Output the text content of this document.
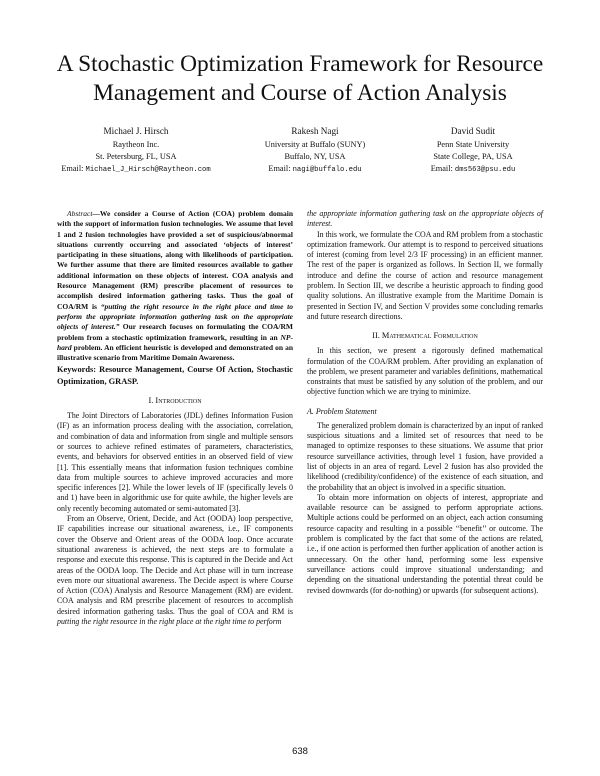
A Stochastic Optimization Framework for Resource Management and Course of Action Analysis
Michael J. Hirsch
Raytheon Inc.
St. Petersburg, FL, USA
Email: Michael_J_Hirsch@Raytheon.com
Rakesh Nagi
University at Buffalo (SUNY)
Buffalo, NY, USA
Email: nagi@buffalo.edu
David Sudit
Penn State University
State College, PA, USA
Email: dms563@psu.edu

Abstract—We consider a Course of Action (COA) problem domain with the support of information fusion technologies. We assume that level 1 and 2 fusion technologies have provided a set of suspicious/abnormal situations currently occurring and associated ‘objects of interest’ participating in these situations, along with likelihoods of participation. We further assume that there are limited resources available to gather additional information on these objects of interest. COA analysis and Resource Management (RM) prescribe placement of resources to accomplish desired information gathering tasks. Thus the goal of COA/RM is “putting the right resource in the right place and time to perform the appropriate information gathering task on the appropriate objects of interest.” Our research focuses on formulating the COA/RM problem from a stochastic optimization framework, resulting in an NP-hard problem. An efficient heuristic is developed and demonstrated on an illustrative scenario from Maritime Domain Awareness.

Keywords: Resource Management, Course Of Action, Stochastic Optimization, GRASP.
I. Introduction

The Joint Directors of Laboratories (JDL) defines Information Fusion (IF) as an information process dealing with the association, correlation, and combination of data and information from single and multiple sensors or sources to achieve refined estimates of parameters, characteristics, events, and behaviors for observed entities in an observed field of view [1]. This essentially means that information fusion techniques combine data from multiple sources to achieve improved accuracies and more specific inferences [2]. While the lower levels of IF (specifically levels 0 and 1) have been in algorithmic use for quite awhile, the higher levels are only recently becoming automated or semi-automated [3].

From an Observe, Orient, Decide, and Act (OODA) loop perspective, IF capabilities increase our situational awareness, i.e., IF components cover the Observe and Orient areas of the OODA loop. Once accurate situational awareness is achieved, the next steps are to formulate a response and execute this response. This is captured in the Decide and Act areas of the OODA loop. The Decide and Act phase will in turn increase even more our situational awareness. The Decide aspect is where Course of Action (COA) Analysis and Resource Management (RM) are evident. COA analysis and RM prescribe placement of resources to accomplish desired information gathering tasks. Thus the goal of COA and RM is putting the right resource in the right place at the right time to perform

the appropriate information gathering task on the appropriate objects of interest.

In this work, we formulate the COA and RM problem from a stochastic optimization framework. Our attempt is to respond to perceived situations of interest (coming from level 2/3 IF processing) in an efficient manner. The rest of the paper is organized as follows. In Section II, we formally introduce and define the course of action and resource management problem. In Section III, we describe a heuristic approach to finding good quality solutions. An illustrative example from the Maritime Domain is presented in Section IV, and Section V provides some concluding remarks and future research directions.

II. Mathematical Formulation

In this section, we present a rigorously defined mathematical formulation of the COA/RM problem. After providing an explanation of the problem, we present parameter and variables definitions, mathematical constraints that must be satisfied by any solution of the problem, and our objective function which we are trying to minimize.

A. Problem Statement

The generalized problem domain is characterized by an input of ranked suspicious situations and a limited set of resources that need to be managed to optimize responses to these situations. We assume that prior resource surveillance activities, through level 1 fusion, have provided a list of objects in an area of regard. Level 2 fusion has also provided the likelihood (credibility/confidence) of the existence of each situation, and the probability that an object is involved in a specific situation.

To obtain more information on objects of interest, appropriate and available resource can be assigned to perform appropriate actions. Multiple actions could be performed on an object, each action consuming resource capacity and resulting in a possible ‘‘benefit’’ or outcome. The problem is complicated by the fact that some of the actions are related, i.e., if one action is performed then further application of another action is unnecessary. On the other hand, performing some less expensive surveillance actions could improve situational understanding; and depending on the situational understanding the potential threat could be revised downwards (for do-nothing) or upwards (for subsequent actions).

638
